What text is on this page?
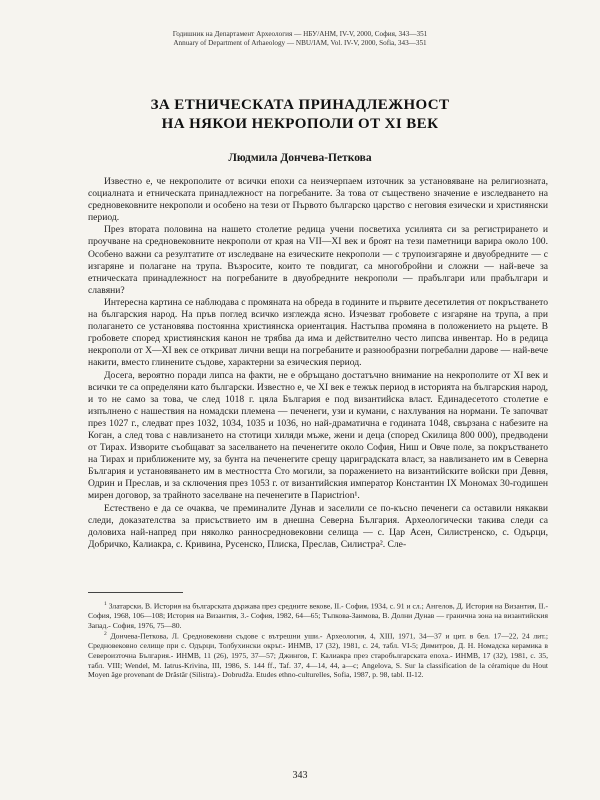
Годишник на Департамент Археология — НБУ/АНМ, IV-V, 2000, София, 343—351
Annuary of Department of Arhaeology — NBU/IAM, Vol. IV-V, 2000, Sofia, 343—351
ЗА ЕТНИЧЕСКАТА ПРИНАДЛЕЖНОСТ
НА НЯКОИ НЕКРОПОЛИ ОТ XI ВЕК
Людмила Дончева-Петкова

Известно е, че некрополите от всички епохи са неизчерпаем източник за установяване на религиозната, социалната и етническата принадлежност на погребаните. За това от съществено значение е изследването на средновековните некрополи и особено на тези от Първото българско царство с неговия езически и християнски период.

През втората половина на нашето столетие редица учени посветиха усилията си за регистрирането и проучване на средновековните некрополи от края на VII—XI век и броят на тези паметници варира около 100. Особено важни са резултатите от изследване на езическите некрополи — с трупоизгаряне и двуобредните — с изгаряне и полагане на трупа. Възросите, които те повдигат, са многобройни и сложни — най-вече за етническата принадлежност на погребаните в двуобредните некрополи — прабългари или прабългари и славяни?

Интересна картина се наблюдава с промяната на обреда в годините и първите десетилетия от покръстването на българския народ. На пръв поглед всичко изглежда ясно. Изчезват гробовете с изгаряне на трупа, а при полагането се установява постоянна християнска ориентация. Настъпва промяна в положението на ръцете. В гробовете според християнския канон не трябва да има и действително често липсва инвентар. Но в редица некрополи от X—XI век се откриват лични вещи на погребаните и разнообразни погребални дарове — най-вече накити, вместо глинените съдове, характерни за езическия период.

Досега, вероятно поради липса на факти, не е обръщано достатъчно внимание на некрополите от XI век и всички те са определяни като български. Известно е, че XI век е тежък период в историята на българския народ, и то не само за това, че след 1018 г. цяла България е под византийска власт. Единадесетото столетие е изпълнено с нашествия на номадски племена — печенеги, узи и кумани, с нахлувания на нормани. Те започват през 1027 г., следват през 1032, 1034, 1035 и 1036, но най-драматична е годината 1048, свързана с набезите на Коган, а след това с навлизането на стотици хиляди мъже, жени и деца (според Скилица 800 000), предводени от Тирах. Изворите съобщават за заселването на печенегите около София, Ниш и Овче поле, за покръстването на Тирах и приближените му, за бунта на печенегите срещу цариградската власт, за навлизането им в Северна България и установяването им в местността Сто могили, за поражението на византийските войски при Девня, Одрин и Преслав, и за сключения през 1053 г. от византийския император Константин IX Мономах 30-годишен мирен договор, за трайното заселване на печенегите в Парисtrion¹.

Естествено е да се очаква, че преминалите Дунав и заселили се по-късно печенеги са оставили някакви следи, доказателства за присъствието им в днешна Северна България. Археологически такива следи са доловиха най-напред при няколко ранносредновековни селища — с. Цар Асен, Силистренско, с. Одърци, Добричко, Калиакра, с. Кривина, Русенско, Плиска, Преслав, Силистра². Сле-

$^1$ Златарски, В. История на българската държава през средните векове, II.- София, 1934, с. 91 и сл.; Ангелов, Д. История на Византия, II.- София, 1968, 106—108; История на Византия, 3.- София, 1982, 64—65; Тъпкова-Заимова, В. Долни Дунав — гранична зона на византийския Запад.- София, 1976, 75—80.

$^2$ Дончева-Петкова, Л. Средновековни съдове с вътрешни уши.- Археология, 4, XIII, 1971, 34—37 и цит. в бел. 17—22, 24 лит.; Средновековно селище при с. Одърци, Толбухински окръг.- ИНМВ, 17 (32), 1981, с. 24, табл. VI-5; Димитров, Д. Н. Номадска керамика в Североизточна България.- ИНМВ, 11 (26), 1975, 37—57; Джингов, Г. Калиакра през старобългарската епоха.- ИНМВ, 17 (32), 1981, с. 35, табл. VIII; Wendel, M. Iatrus-Krivina, III, 1986, S. 144 ff., Taf. 37, 4—14, 44, а—с; Angelova, S. Sur la classification de la céramique du Hout Moyen âge provenant de Drăstăr (Silistra).- Dobrudža. Etudes ethno-culturelles, Sofia, 1987, p. 98, tabl. II-12.

343
